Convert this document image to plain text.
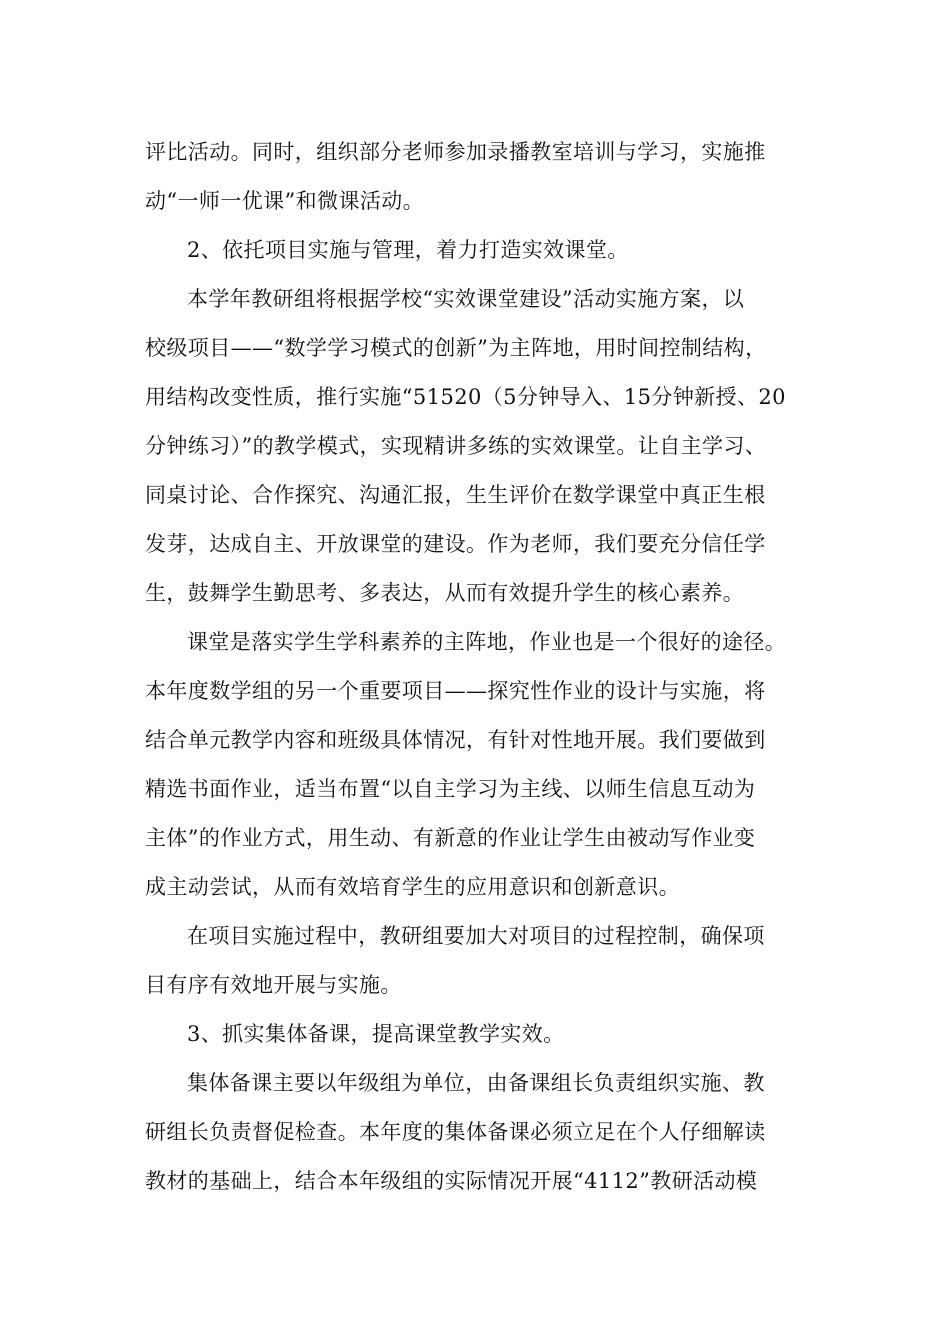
评比活动。同时，组织部分老师参加录播教室培训与学习，实施推
动“一师一优课”和微课活动。
2、依托项目实施与管理，着力打造实效课堂。
本学年教研组将根据学校“实效课堂建设”活动实施方案，以
校级项目——“数学学习模式的创新”为主阵地，用时间控制结构，
用结构改变性质，推行实施“51520（5分钟导入、15分钟新授、20
分钟练习）”的教学模式，实现精讲多练的实效课堂。让自主学习、
同桌讨论、合作探究、沟通汇报，生生评价在数学课堂中真正生根
发芽，达成自主、开放课堂的建设。作为老师，我们要充分信任学
生，鼓舞学生勤思考、多表达，从而有效提升学生的核心素养。
课堂是落实学生学科素养的主阵地，作业也是一个很好的途径。
本年度数学组的另一个重要项目——探究性作业的设计与实施，将
结合单元教学内容和班级具体情况，有针对性地开展。我们要做到
精选书面作业，适当布置“以自主学习为主线、以师生信息互动为
主体”的作业方式，用生动、有新意的作业让学生由被动写作业变
成主动尝试，从而有效培育学生的应用意识和创新意识。
在项目实施过程中，教研组要加大对项目的过程控制，确保项
目有序有效地开展与实施。
3、抓实集体备课，提高课堂教学实效。
集体备课主要以年级组为单位，由备课组长负责组织实施、教
研组长负责督促检查。本年度的集体备课必须立足在个人仔细解读
教材的基础上，结合本年级组的实际情况开展“4112”教研活动模
